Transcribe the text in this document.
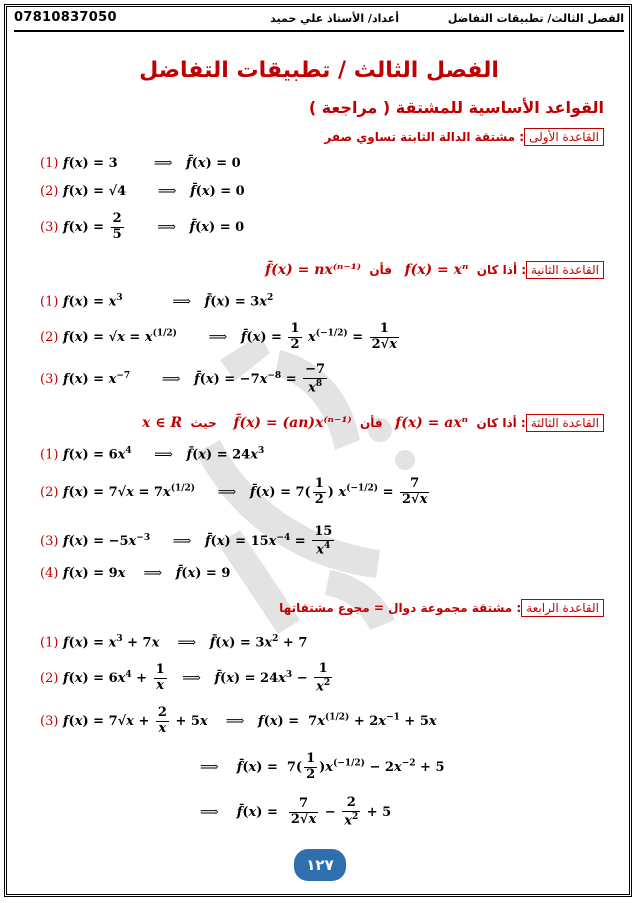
الفصل الثالث/ تطبيقات التفاضل
أعداد/ الأستاذ علي حميد
07810837050
الفصل الثالث / تطبيقات التفاضل
القواعد الأساسية للمشتقة ( مراجعة )
القاعدة الأولى: مشتقة الدالة الثابتة تساوي صفر
(1) f(x) = 3        ⟹ f̄(x) = 0
(2) f(x) = √4       ⟹ f̄(x) = 0
(3) $f(x) = \frac{2}{5}$	⟹ f̄(x) = 0
القاعدة الثانية: أذا كان  f(x) = xⁿ   فأن  f̄(x) = nx⁽ⁿ⁻¹⁾
(1) $f(x) = x^3$	⟹ f̄(x) = $3x^2$
(2) $f(x) = √x = x^{(1/2)}$ ⟹ f̄(x) = $\frac{1}{2} x^{(-1/2)} = \frac{1}{2√x}$
(3) $f(x) = x^{-7}$ ⟹ f̄(x) = $-7x^{-8} = \frac{-7}{x^8}$
القاعدة الثالثة: أذا كان  f(x) = axⁿ   فأن  f̄(x) = (an)x⁽ⁿ⁻¹⁾    حيث  x ∈ R
(1) $f(x) = 6x^4$ ⟹ f̄(x) = $24x^3$
(2) $f(x) = 7√x = 7x^{(1/2)}$ ⟹ f̄(x) = $7( \frac{1}{2}$ ) $x^{(-1/2)} = \frac{7}{2√x}$
(3) $f(x) = -5x^{-3}$ ⟹ f̄(x) = $15x^{-4} = \frac{15}{x^4}$
(4) f(x) = 9x ⟹ f̄(x) = 9
القاعدة الرابعة: مشتقة مجموعة دوال = مجوع مشتقاتها
(1) $f(x) = x^3 + 7x$ ⟹ f̄(x) = $3x^2 + 7$
(2) $f(x) = 6x^4 + \frac{1}{x}$ ⟹ f̄(x) = $24x^3 - \frac{1}{x^2}$
(3) $f(x) = 7√x + \frac{2}{x} + 5x$ ⟹ $f(x) = 7x^{(1/2)} + 2x^{-1} + 5x$
⟹ f̄(x) =  $7( \frac{1}{2} )x^{(-1/2)} - 2x^{-2} + 5$
⟹ f̄(x) = $\frac{7}{2√x} - \frac{2}{x^2} + 5$
١٢٧
